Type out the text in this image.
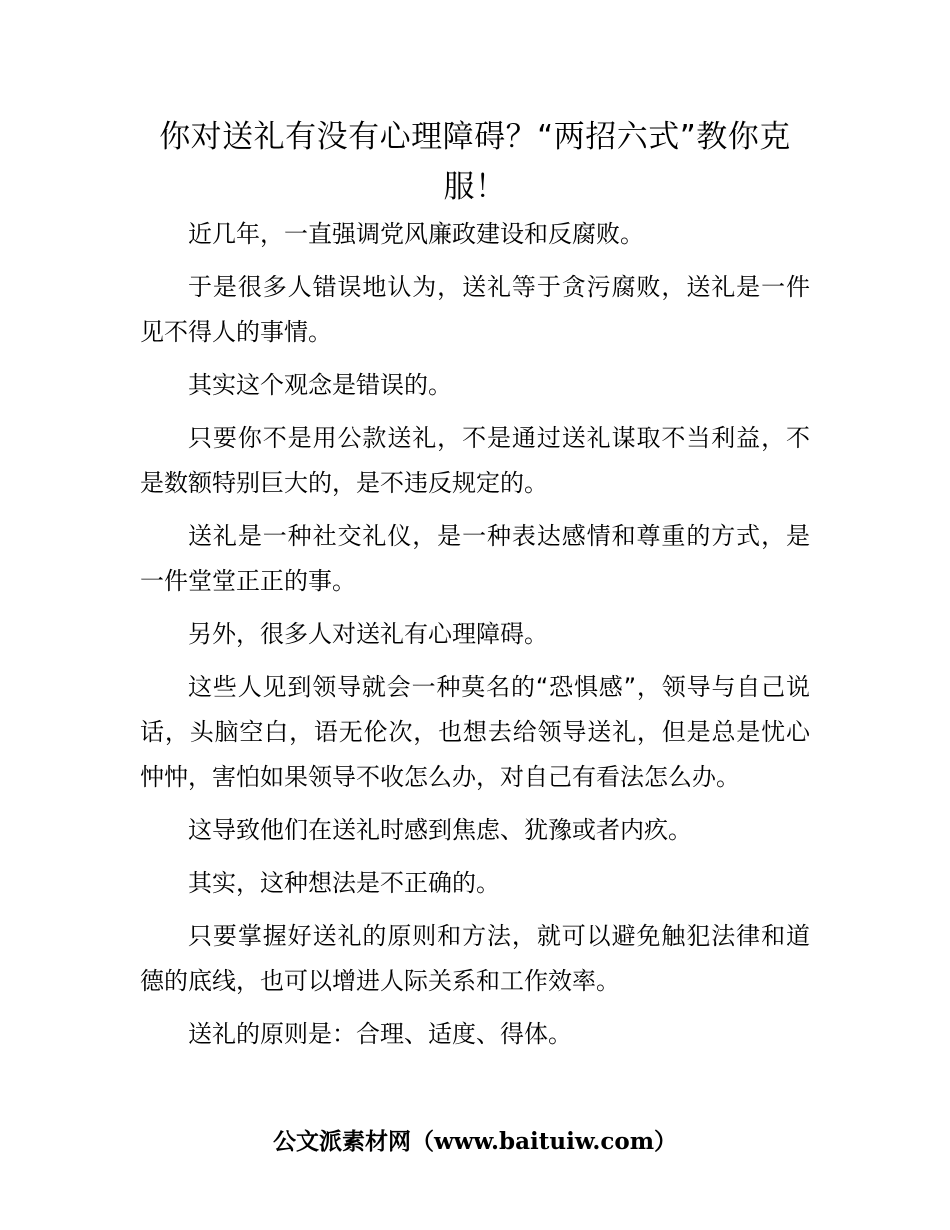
你对送礼有没有心理障碍？“两招六式”教你克服！

近几年，一直强调党风廉政建设和反腐败。

于是很多人错误地认为，送礼等于贪污腐败，送礼是一件见不得人的事情。

其实这个观念是错误的。

只要你不是用公款送礼，不是通过送礼谋取不当利益，不是数额特别巨大的，是不违反规定的。

送礼是一种社交礼仪，是一种表达感情和尊重的方式，是一件堂堂正正的事。

另外，很多人对送礼有心理障碍。

这些人见到领导就会一种莫名的“恐惧感”，领导与自己说话，头脑空白，语无伦次，也想去给领导送礼，但是总是忧心忡忡，害怕如果领导不收怎么办，对自己有看法怎么办。

这导致他们在送礼时感到焦虑、犹豫或者内疚。

其实，这种想法是不正确的。

只要掌握好送礼的原则和方法，就可以避免触犯法律和道德的底线，也可以增进人际关系和工作效率。

送礼的原则是：合理、适度、得体。

公文派素材网（www.baituiw.com）
